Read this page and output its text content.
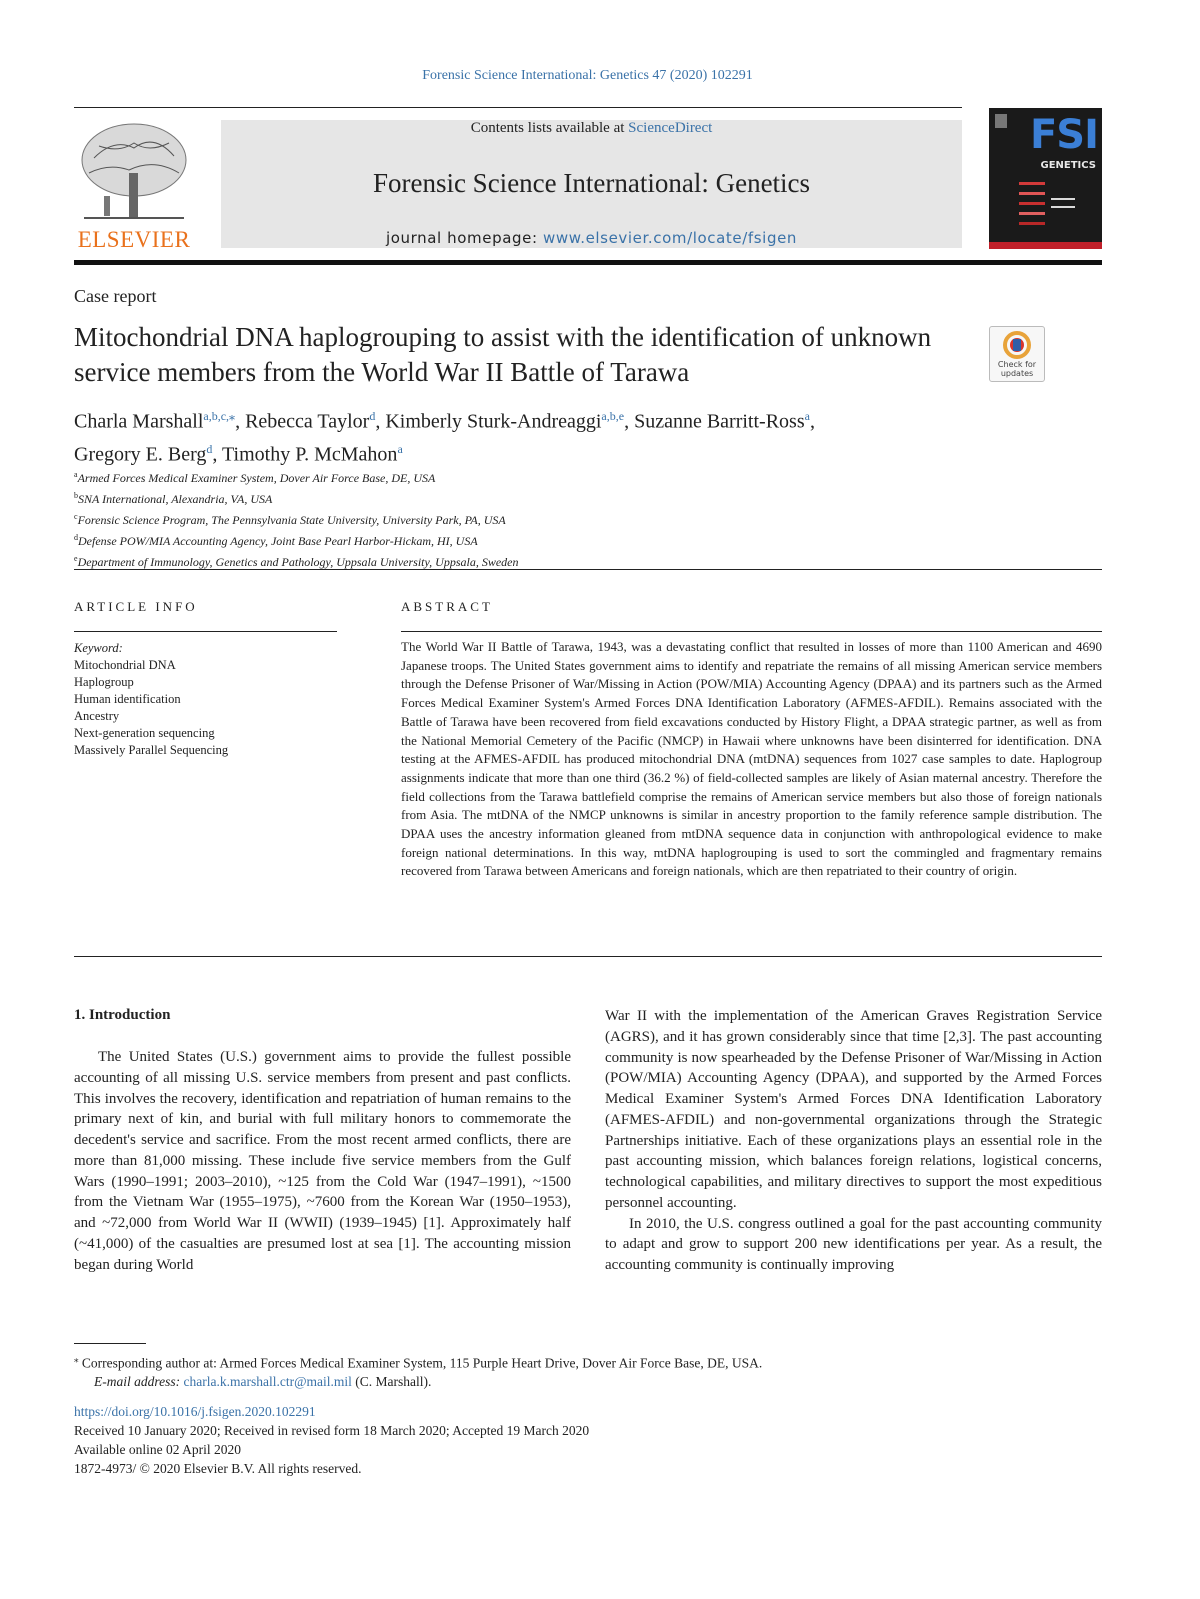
Forensic Science International: Genetics 47 (2020) 102291
ELSEVIER
Contents lists available at ScienceDirect
Forensic Science International: Genetics
journal homepage: www.elsevier.com/locate/fsigen
FSI
GENETICS
Case report
Mitochondrial DNA haplogrouping to assist with the identification of unknown service members from the World War II Battle of Tarawa	Check for updates
Charla Marshall$^{a,b,c,⁎}$, Rebecca Taylor$^d$, Kimberly Sturk-Andreaggi$^{a,b,e}$, Suzanne Barritt-Ross$^a$,
Gregory E. Berg$^d$, Timothy P. McMahon$^a$
$^a$Armed Forces Medical Examiner System, Dover Air Force Base, DE, USA
$^b$SNA International, Alexandria, VA, USA
$^c$Forensic Science Program, The Pennsylvania State University, University Park, PA, USA
$^d$Defense POW/MIA Accounting Agency, Joint Base Pearl Harbor-Hickam, HI, USA
$^e$Department of Immunology, Genetics and Pathology, Uppsala University, Uppsala, Sweden
ARTICLE INFO
Keyword:
Mitochondrial DNA
Haplogroup
Human identification
Ancestry
Next-generation sequencing
Massively Parallel Sequencing
ABSTRACT
The World War II Battle of Tarawa, 1943, was a devastating conflict that resulted in losses of more than 1100 American and 4690 Japanese troops. The United States government aims to identify and repatriate the remains of all missing American service members through the Defense Prisoner of War/Missing in Action (POW/MIA) Accounting Agency (DPAA) and its partners such as the Armed Forces Medical Examiner System's Armed Forces DNA Identification Laboratory (AFMES-AFDIL). Remains associated with the Battle of Tarawa have been recovered from field excavations conducted by History Flight, a DPAA strategic partner, as well as from the National Memorial Cemetery of the Pacific (NMCP) in Hawaii where unknowns have been disinterred for identification. DNA testing at the AFMES-AFDIL has produced mitochondrial DNA (mtDNA) sequences from 1027 case samples to date. Haplogroup assignments indicate that more than one third (36.2 %) of field-collected samples are likely of Asian maternal ancestry. Therefore the field collections from the Tarawa battlefield comprise the remains of American service members but also those of foreign nationals from Asia. The mtDNA of the NMCP unknowns is similar in ancestry proportion to the family reference sample distribution. The DPAA uses the ancestry information gleaned from mtDNA sequence data in conjunction with anthropological evidence to make foreign national determinations. In this way, mtDNA haplogrouping is used to sort the commingled and fragmentary remains recovered from Tarawa between Americans and foreign nationals, which are then repatriated to their country of origin.
1. Introduction

The United States (U.S.) government aims to provide the fullest possible accounting of all missing U.S. service members from present and past conflicts. This involves the recovery, identification and repatriation of human remains to the primary next of kin, and burial with full military honors to commemorate the decedent's service and sacrifice. From the most recent armed conflicts, there are more than 81,000 missing. These include five service members from the Gulf Wars (1990–1991; 2003–2010), ~125 from the Cold War (1947–1991), ~1500 from the Vietnam War (1955–1975), ~7600 from the Korean War (1950–1953), and ~72,000 from World War II (WWII) (1939–1945) [1]. Approximately half (~41,000) of the casualties are presumed lost at sea [1]. The accounting mission began during World

War II with the implementation of the American Graves Registration Service (AGRS), and it has grown considerably since that time [2,3]. The past accounting community is now spearheaded by the Defense Prisoner of War/Missing in Action (POW/MIA) Accounting Agency (DPAA), and supported by the Armed Forces Medical Examiner System's Armed Forces DNA Identification Laboratory (AFMES-AFDIL) and non-governmental organizations through the Strategic Partnerships initiative. Each of these organizations plays an essential role in the past accounting mission, which balances foreign relations, logistical concerns, technological capabilities, and military directives to support the most expeditious personnel accounting.

In 2010, the U.S. congress outlined a goal for the past accounting community to adapt and grow to support 200 new identifications per year. As a result, the accounting community is continually improving

⁎ Corresponding author at: Armed Forces Medical Examiner System, 115 Purple Heart Drive, Dover Air Force Base, DE, USA.
E-mail address: charla.k.marshall.ctr@mail.mil (C. Marshall).
https://doi.org/10.1016/j.fsigen.2020.102291
Received 10 January 2020; Received in revised form 18 March 2020; Accepted 19 March 2020
Available online 02 April 2020
1872-4973/ © 2020 Elsevier B.V. All rights reserved.
